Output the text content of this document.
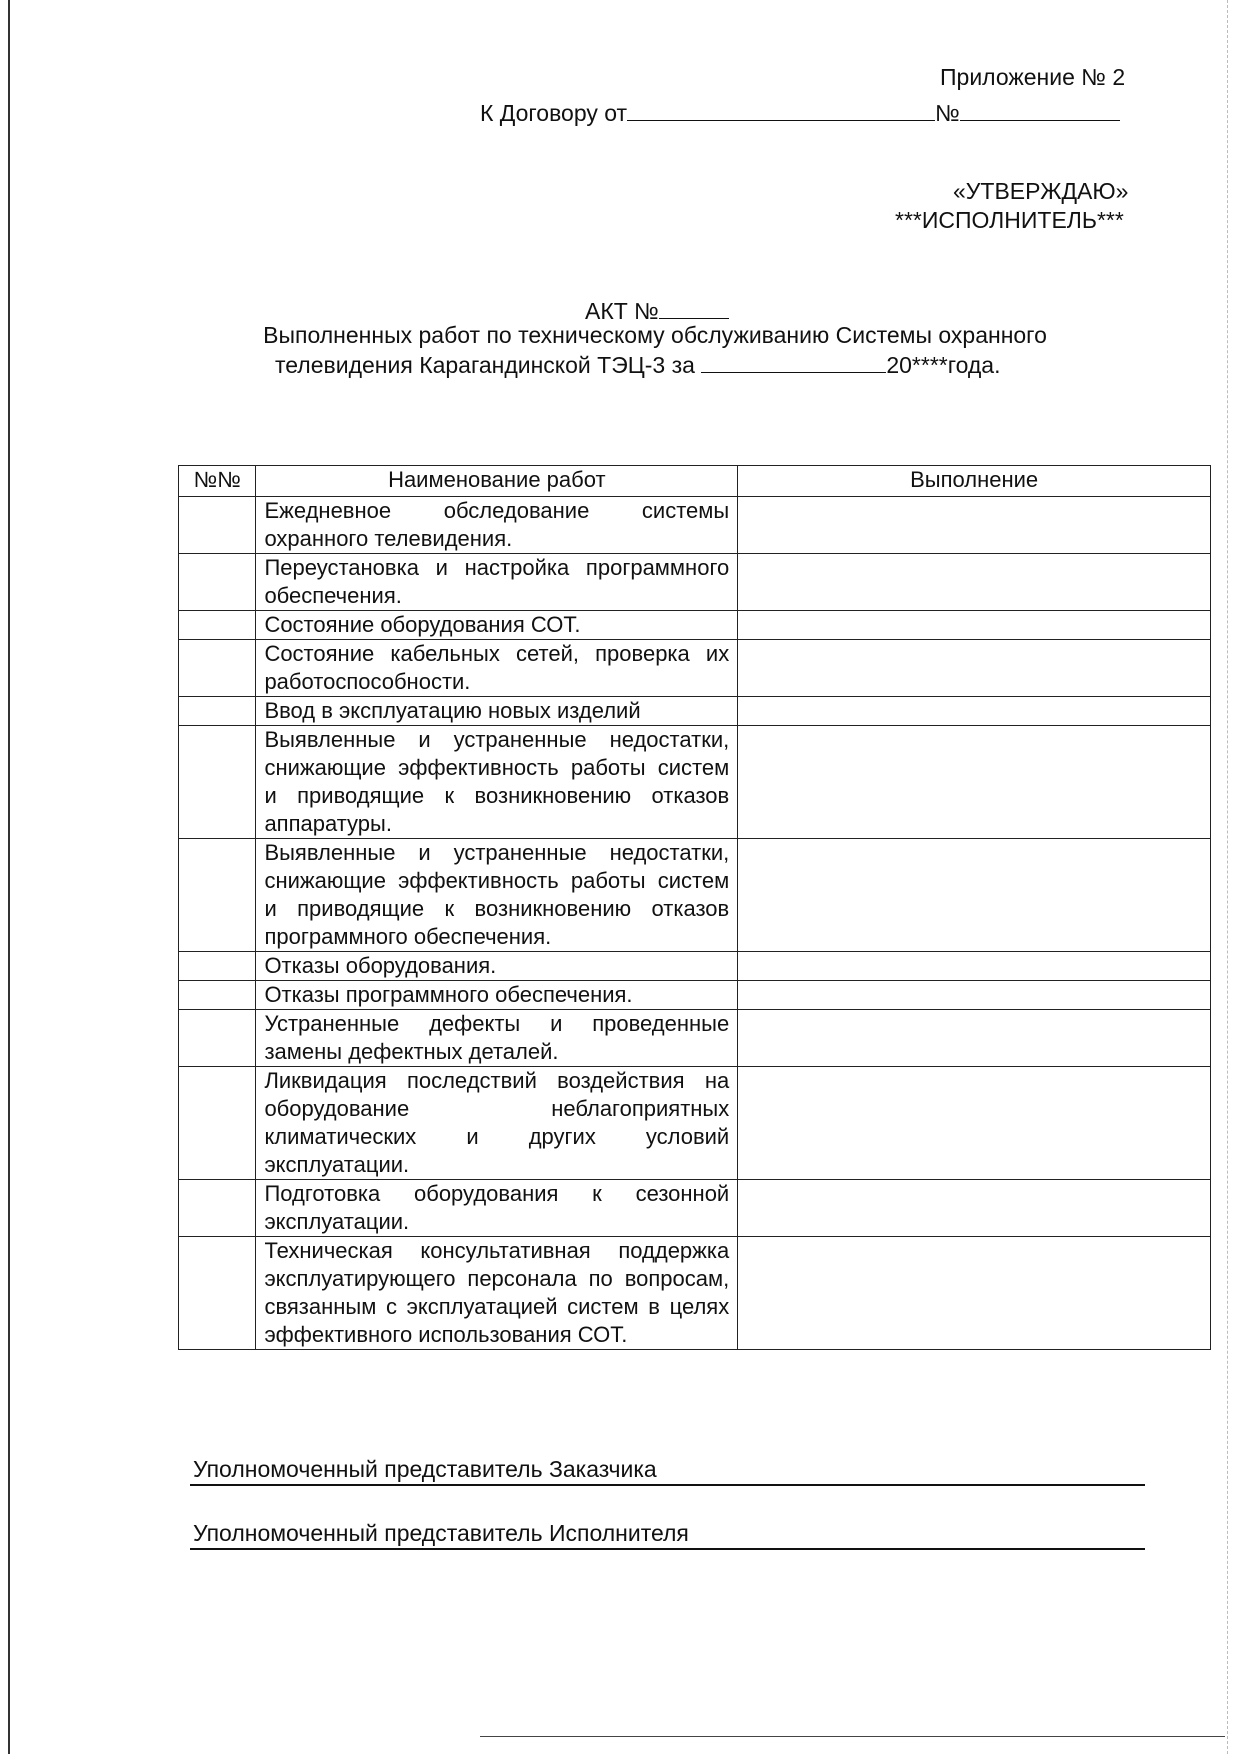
Приложение № 2
К Договору от	№
«УТВЕРЖДАЮ»
***ИСПОЛНИТЕЛЬ***
АКТ №
Выполненных работ по техническому обслуживанию Системы охранного
телевидения Карагандинской ТЭЦ-3 за	20****года.
№№	Наименование работ	Выполнение
	Ежедневное обследование системы охранного телевидения.	
	Переустановка и настройка программного обеспечения.	
	Состояние оборудования СОТ.	
	Состояние кабельных сетей, проверка их работоспособности.	
	Ввод в эксплуатацию новых изделий	
	Выявленные и устраненные недостатки, снижающие эффективность работы систем и приводящие к возникновению отказов аппаратуры.	
	Выявленные и устраненные недостатки, снижающие эффективность работы систем и приводящие к возникновению отказов программного обеспечения.	
	Отказы оборудования.	
	Отказы программного обеспечения.	
	Устраненные дефекты и проведенные замены дефектных деталей.	
	Ликвидация последствий воздействия на оборудование неблагоприятных климатических и других условий эксплуатации.	
	Подготовка оборудования к сезонной эксплуатации.	
	Техническая консультативная поддержка эксплуатирующего персонала по вопросам, связанным с эксплуатацией систем в целях эффективного использования СОТ.	
Уполномоченный представитель Заказчика
Уполномоченный представитель Исполнителя
